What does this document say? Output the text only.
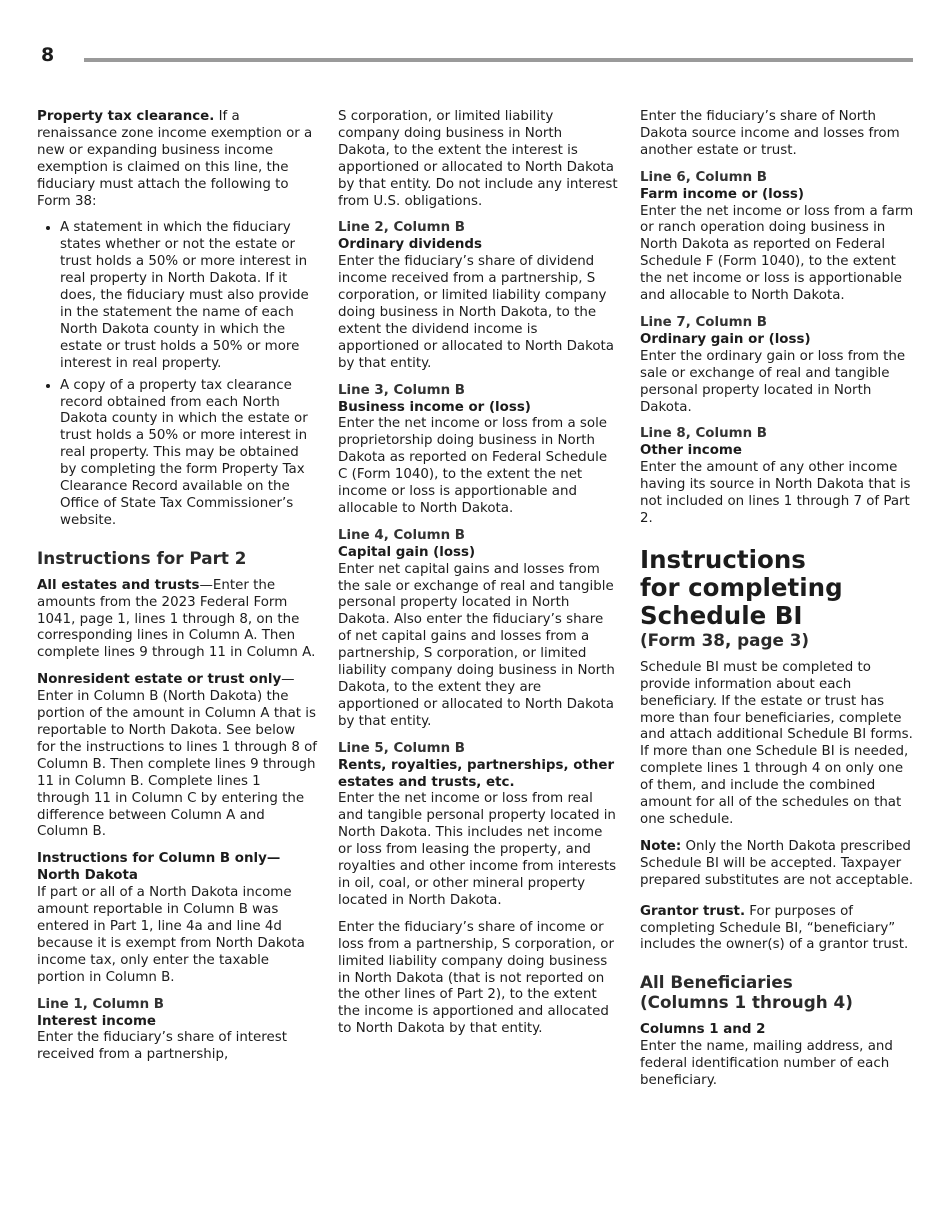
8

Property tax clearance. If a renaissance zone income exemption or a new or expanding business income exemption is claimed on this line, the fiduciary must attach the following to Form 38:

• A statement in which the fiduciary states whether or not the estate or trust holds a 50% or more interest in real property in North Dakota. If it does, the fiduciary must also provide in the statement the name of each North Dakota county in which the estate or trust holds a 50% or more interest in real property.
• A copy of a property tax clearance record obtained from each North Dakota county in which the estate or trust holds a 50% or more interest in real property. This may be obtained by completing the form Property Tax Clearance Record available on the Office of State Tax Commissioner’s website.
Instructions for Part 2

All estates and trusts—Enter the amounts from the 2023 Federal Form 1041, page 1, lines 1 through 8, on the corresponding lines in Column A. Then complete lines 9 through 11 in Column A.

Nonresident estate or trust only— Enter in Column B (North Dakota) the portion of the amount in Column A that is reportable to North Dakota. See below for the instructions to lines 1 through 8 of Column B. Then complete lines 9 through 11 in Column B. Complete lines 1 through 11 in Column C by entering the difference between Column A and Column B.

Instructions for Column B only— North Dakota
If part or all of a North Dakota income amount reportable in Column B was entered in Part 1, line 4a and line 4d because it is exempt from North Dakota income tax, only enter the taxable portion in Column B.

Line 1, Column B
Interest income
Enter the fiduciary’s share of interest received from a partnership,

S corporation, or limited liability company doing business in North Dakota, to the extent the interest is apportioned or allocated to North Dakota by that entity. Do not include any interest from U.S. obligations.

Line 2, Column B
Ordinary dividends
Enter the fiduciary’s share of dividend income received from a partnership, S corporation, or limited liability company doing business in North Dakota, to the extent the dividend income is apportioned or allocated to North Dakota by that entity.

Line 3, Column B
Business income or (loss)
Enter the net income or loss from a sole proprietorship doing business in North Dakota as reported on Federal Schedule C (Form 1040), to the extent the net income or loss is apportionable and allocable to North Dakota.

Line 4, Column B
Capital gain (loss)
Enter net capital gains and losses from the sale or exchange of real and tangible personal property located in North Dakota. Also enter the fiduciary’s share of net capital gains and losses from a partnership, S corporation, or limited liability company doing business in North Dakota, to the extent they are apportioned or allocated to North Dakota by that entity.

Line 5, Column B
Rents, royalties, partnerships, other estates and trusts, etc.
Enter the net income or loss from real and tangible personal property located in North Dakota. This includes net income or loss from leasing the property, and royalties and other income from interests in oil, coal, or other mineral property located in North Dakota.

Enter the fiduciary’s share of income or loss from a partnership, S corporation, or limited liability company doing business in North Dakota (that is not reported on the other lines of Part 2), to the extent the income is apportioned and allocated to North Dakota by that entity.

Enter the fiduciary’s share of North Dakota source income and losses from another estate or trust.

Line 6, Column B
Farm income or (loss)
Enter the net income or loss from a farm or ranch operation doing business in North Dakota as reported on Federal Schedule F (Form 1040), to the extent the net income or loss is apportionable and allocable to North Dakota.

Line 7, Column B
Ordinary gain or (loss)
Enter the ordinary gain or loss from the sale or exchange of real and tangible personal property located in North Dakota.

Line 8, Column B
Other income
Enter the amount of any other income having its source in North Dakota that is not included on lines 1 through 7 of Part 2.

Instructions
for completing
Schedule BI
(Form 38, page 3)

Schedule BI must be completed to provide information about each beneficiary. If the estate or trust has more than four beneficiaries, complete and attach additional Schedule BI forms. If more than one Schedule BI is needed, complete lines 1 through 4 on only one of them, and include the combined amount for all of the schedules on that one schedule.

Note: Only the North Dakota prescribed Schedule BI will be accepted. Taxpayer prepared substitutes are not acceptable.

Grantor trust. For purposes of completing Schedule BI, “beneficiary” includes the owner(s) of a grantor trust.

All Beneficiaries
(Columns 1 through 4)

Columns 1 and 2
Enter the name, mailing address, and federal identification number of each beneficiary.
